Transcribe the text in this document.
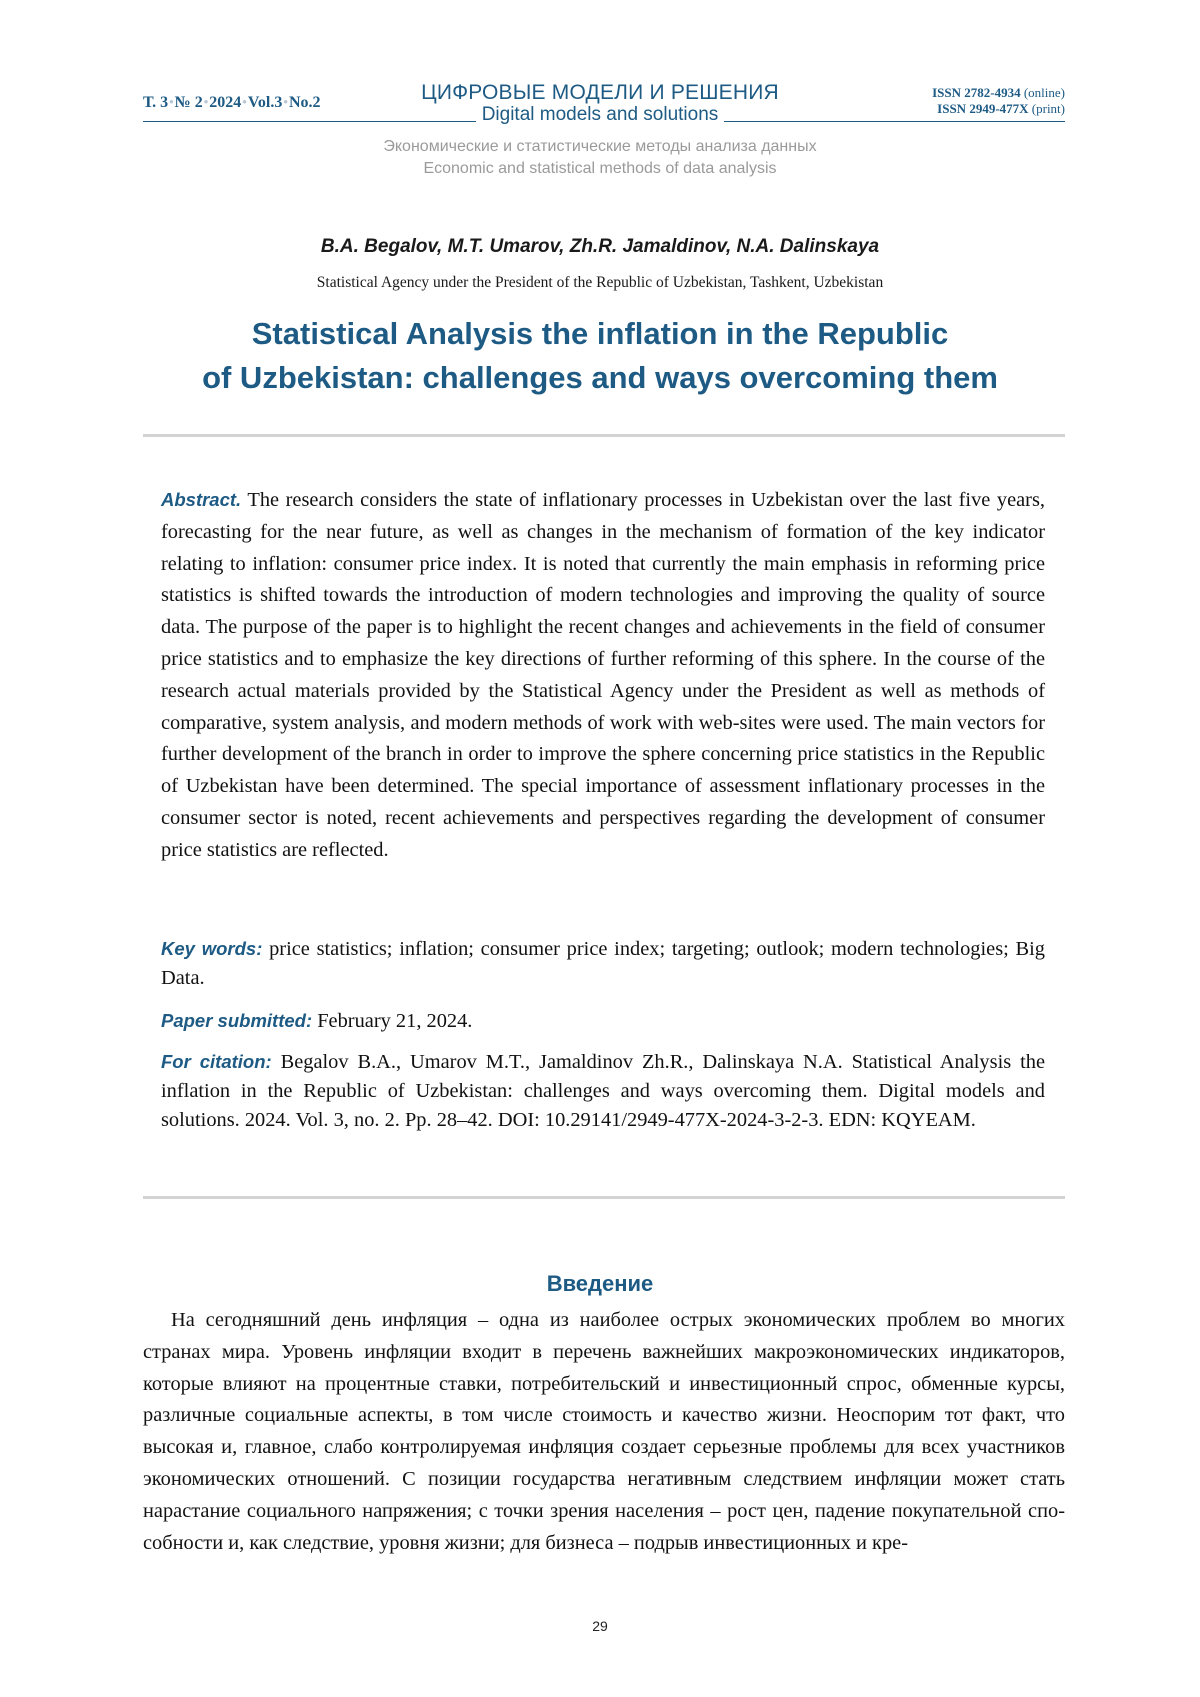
Т. 3•№ 2•2024•Vol.3•No.2	ЦИФРОВЫЕ МОДЕЛИ И РЕШЕНИЯ
Digital models and solutions
ISSN 2782-4934 (online)
ISSN 2949-477X (print)
Экономические и статистические методы анализа данных
Economic and statistical methods of data analysis
B.A. Begalov, M.T. Umarov, Zh.R. Jamaldinov, N.A. Dalinskaya
Statistical Agency under the President of the Republic of Uzbekistan, Tashkent, Uzbekistan
Statistical Analysis the inflation in the Republic
of Uzbekistan: challenges and ways overcoming them
Abstract. The research considers the state of inflationary processes in Uzbekistan over the last five years, forecasting for the near future, as well as changes in the mechanism of formation of the key indicator relating to inflation: consumer price index. It is noted that currently the main emphasis in reforming price statistics is shifted towards the introduction of modern technologies and improving the quality of source data. The purpose of the paper is to highlight the recent changes and achievements in the field of consumer price statistics and to emphasize the key directions of further reforming of this sphere. In the course of the research actual materials provided by the Statistical Agency under the President as well as methods of comparative, system analysis, and modern methods of work with web-sites were used. The main vectors for further development of the branch in order to improve the sphere concerning price statistics in the Republic of Uzbekistan have been determined. The special importance of assessment inflationary processes in the consumer sector is noted, re­cent achievements and perspectives regarding the development of consumer price statistics are reflected.
Key words: price statistics; inflation; consumer price index; targeting; outlook; modern technologies; Big Data.
Paper submitted: February 21, 2024.
For citation: Begalov B.A., Umarov M.T., Jamaldinov Zh.R., Dalinskaya N.A. Statistical Analysis the inflation in the Republic of Uzbekistan: challenges and ways overcoming them. Digital models and solutions. 2024. Vol. 3, no. 2. Pp. 28–42. DOI: 10.29141/2949-477X-2024-3-2-3. EDN: KQYEAM.
Введение
На сегодняшний день инфляция – одна из наиболее острых экономических проблем во многих странах мира. Уровень инфляции входит в перечень важнейших макроэкономи­ческих индикаторов, которые влияют на процентные ставки, потребительский и инвести­ционный спрос, обменные курсы, различные социальные аспекты, в том числе стоимость и качество жизни. Неоспорим тот факт, что высокая и, главное, слабо контролируемая инфляция создает серьезные проблемы для всех участников экономических отношений. С позиции государства негативным следствием инфляции может стать нарастание соци­ального напряжения; с точки зрения населения – рост цен, падение покупательной спо­собности и, как следствие, уровня жизни; для бизнеса – подрыв инвестиционных и кре-
29
